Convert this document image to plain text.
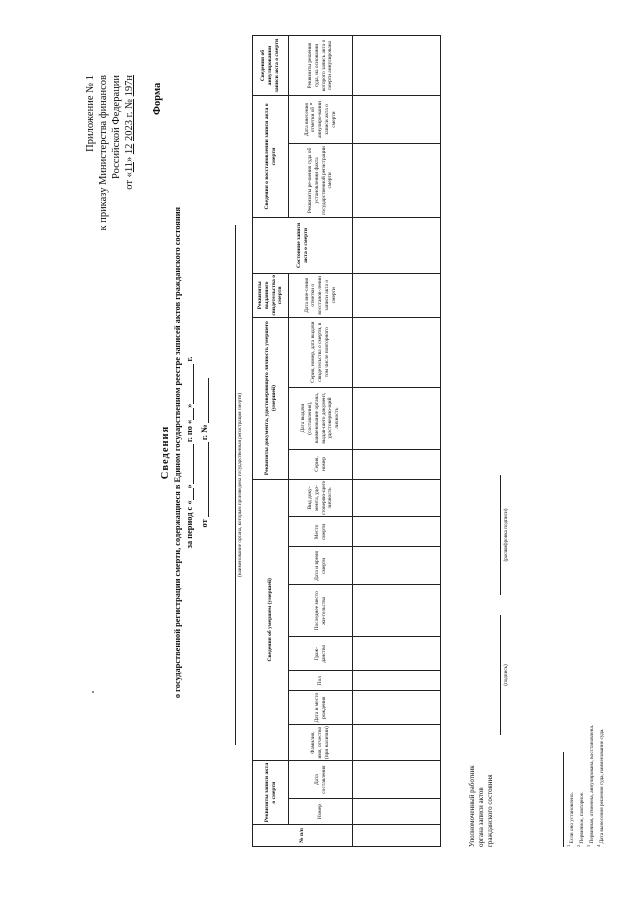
Приложение № 1 к приказу Министерства финансов Российской Федерации
от «11» 12 2023 г. № 197н Форма
Сведения о государственной регистрации смерти, содержащиеся в Едином государственном реестре записей актов гражданского состояния за период с «» г. по «» г.
от  г. №	(наименование органа, которым произведена государственная регистрация смерти)
№ п/п	Реквизиты записи акта о смерти		Сведения об умершем (умершей)								Реквизиты документа, удостоверяющего личность умершего (умершей)			Реквизиты выданного свидетельства о смерти	Состояние записи акта о смерти	Сведения о восстановлении записи акта о смерти		Сведения об аннулировании записи акта о смерти
	Номер	Дата составления	Фамилия, имя, отчество (при наличии)	Дата и место рождения	Пол	Граж-данство	Последнее место жи-тельства	Дата и время смерти	Место смерти	Вид доку-мента, удо-стоверяю-щего личность	Серия, номер	Дата выдачи (составления), наименование органа, выдав-шего документ, удостоверяю-щий личность	Серия, номер, дата выдачи свидетельства о смерти, в том числе повторного	Дата вне-сения отметки о восстанов-лении записи акта о смерти		Реквизиты ре-шения суда об установлении факта государственной регистрации смерти	Дата внесения отметки об аннулиро-вании записи акта о смерти	Реквизиты решения суда, на основании которого запись акта о смерти аннулирована

Уполномоченный работник органа записи актов гражданского состояния
(подпись)
(расшифровка подписи)
$^1$ Если оно установлено.
$^2$ Первичное, повторное.
$^3$ Первичная, отменена, аннулирована, восстановлена.
$^4$ Дата вынесения решения суда, наименование суда.
